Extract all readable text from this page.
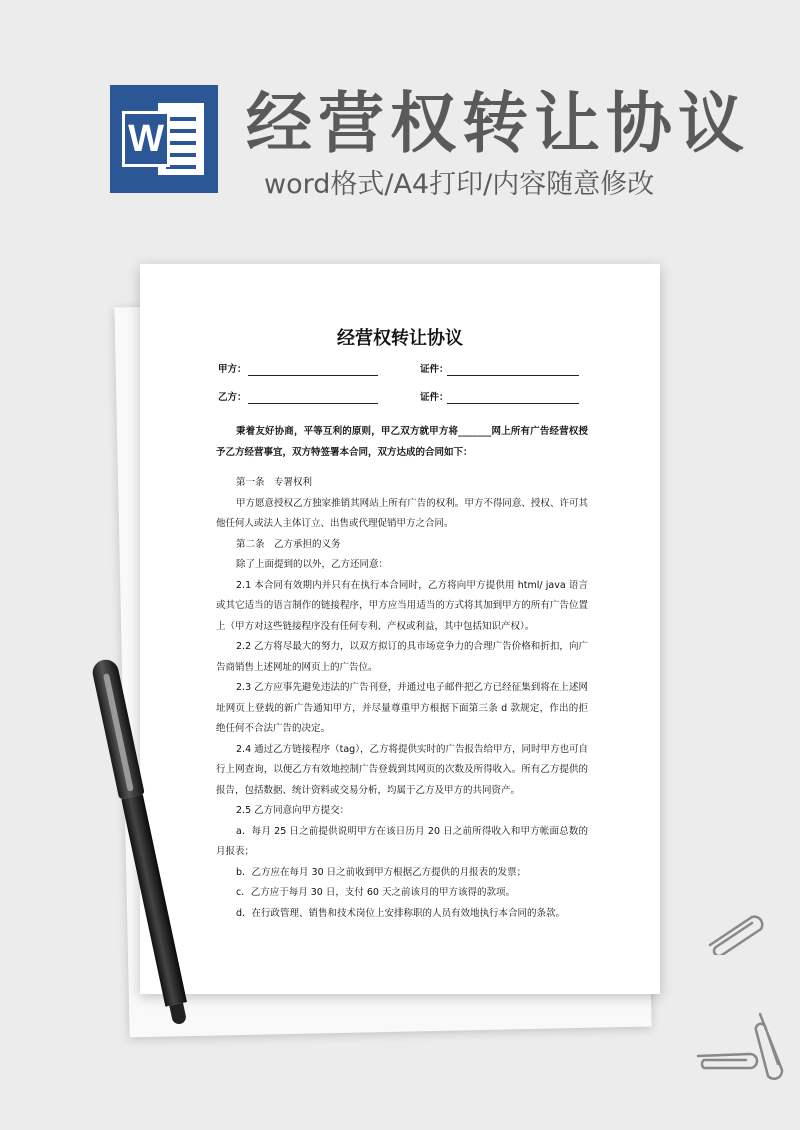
W 经营权转让协议
word格式/A4打印/内容随意修改
经营权转让协议
甲方：	证件：
乙方：	证件：

秉着友好协商，平等互利的原则，甲乙双方就甲方将_______网上所有广告经营权授予乙方经营事宜，双方特签署本合同，双方达成的合同如下：

第一条　专署权利

甲方愿意授权乙方独家推销其网站上所有广告的权利。甲方不得同意、授权、许可其他任何人或法人主体订立、出售或代理促销甲方之合同。

第二条　乙方承担的义务

除了上面提到的以外，乙方还同意：

2.1 本合同有效期内并只有在执行本合同时，乙方将向甲方提供用 html/ java 语言或其它适当的语言制作的链接程序，甲方应当用适当的方式将其加到甲方的所有广告位置上（甲方对这些链接程序没有任何专利、产权或利益，其中包括知识产权）。

2.2 乙方将尽最大的努力，以双方拟订的具市场竞争力的合理广告价格和折扣，向广告商销售上述网址的网页上的广告位。

2.3 乙方应事先避免违法的广告刊登，并通过电子邮件把乙方已经征集到将在上述网址网页上登载的新广告通知甲方，并尽量尊重甲方根据下面第三条 d 款规定，作出的拒绝任何不合法广告的决定。

2.4 通过乙方链接程序（tag），乙方将提供实时的广告报告给甲方，同时甲方也可自行上网查询，以便乙方有效地控制广告登载到其网页的次数及所得收入。所有乙方提供的报告，包括数据、统计资料或交易分析，均属于乙方及甲方的共同资产。

2.5 乙方同意向甲方提交：

a．每月 25 日之前提供说明甲方在该日历月 20 日之前所得收入和甲方帐面总数的月报表；

b．乙方应在每月 30 日之前收到甲方根据乙方提供的月报表的发票；

c．乙方应于每月 30 日，支付 60 天之前该月的甲方该得的款项。

d．在行政管理、销售和技术岗位上安排称职的人员有效地执行本合同的条款。
